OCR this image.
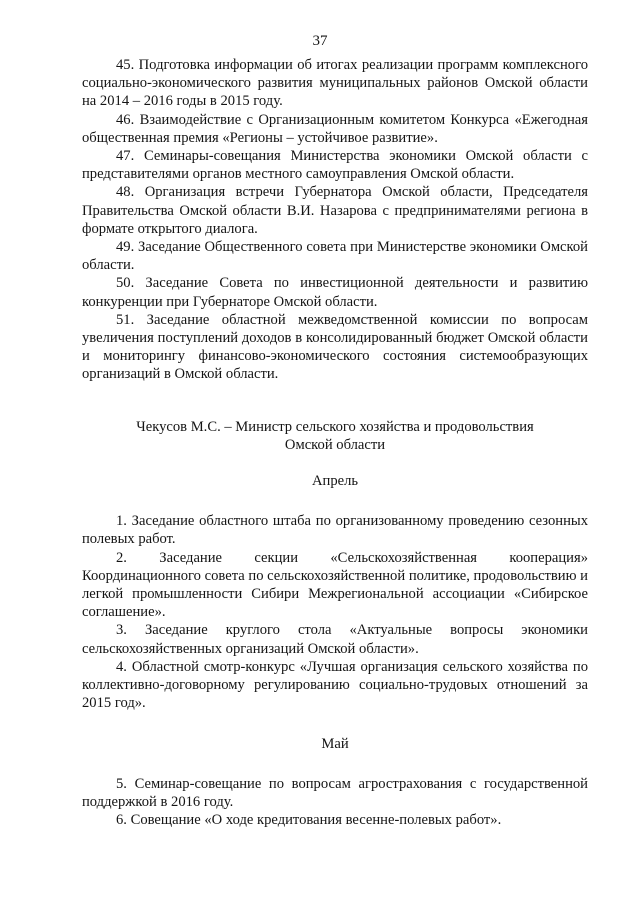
37

45. Подготовка информации об итогах реализации программ комплексного социально-экономического развития муниципальных районов Омской области на 2014 – 2016 годы в 2015 году.

46. Взаимодействие с Организационным комитетом Конкурса «Ежегодная общественная премия «Регионы – устойчивое развитие».

47. Семинары-совещания Министерства экономики Омской области с представителями органов местного самоуправления Омской области.

48. Организация встречи Губернатора Омской области, Председателя Правительства Омской области В.И. Назарова с предпринимателями региона в формате открытого диалога.

49. Заседание Общественного совета при Министерстве экономики Омской области.

50. Заседание Совета по инвестиционной деятельности и развитию конкуренции при Губернаторе Омской области.

51. Заседание областной межведомственной комиссии по вопросам увеличения поступлений доходов в консолидированный бюджет Омской области и мониторингу финансово-экономического состояния системообразующих организаций в Омской области.

Чекусов М.С. – Министр сельского хозяйства и продовольствия

Омской области

Апрель

1. Заседание областного штаба по организованному проведению сезонных полевых работ.

2. Заседание секции «Сельскохозяйственная кооперация» Координационного совета по сельскохозяйственной политике, продовольствию и легкой промышленности Сибири Межрегиональной ассоциации «Сибирское соглашение».

3. Заседание круглого стола «Актуальные вопросы экономики сельскохозяйственных организаций Омской области».

4. Областной смотр-конкурс «Лучшая организация сельского хозяйства по коллективно-договорному регулированию социально-трудовых отношений за 2015 год».

Май

5. Семинар-совещание по вопросам агрострахования с государственной поддержкой в 2016 году.

6. Совещание «О ходе кредитования весенне-полевых работ».
